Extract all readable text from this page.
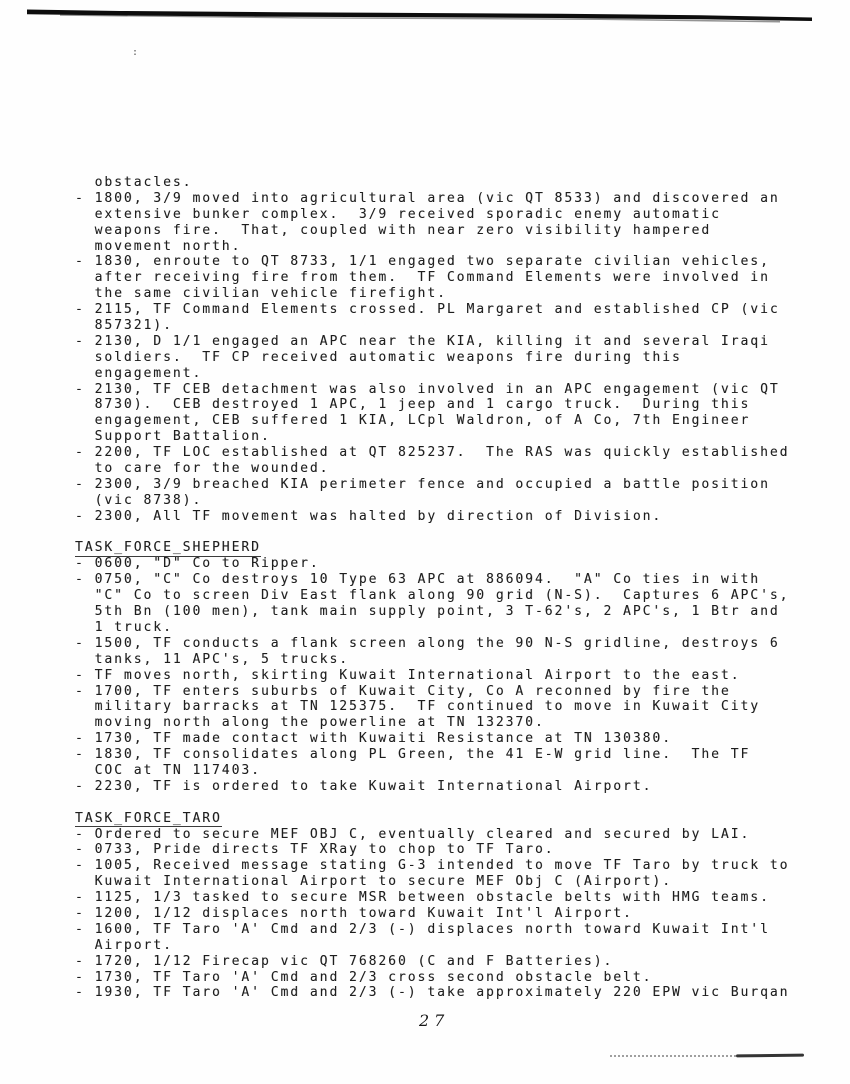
:
obstacles.
- 1800, 3/9 moved into agricultural area (vic QT 8533) and discovered an
extensive bunker complex.  3/9 received sporadic enemy automatic
weapons fire.  That, coupled with near zero visibility hampered
movement north.
- 1830, enroute to QT 8733, 1/1 engaged two separate civilian vehicles,
after receiving fire from them.  TF Command Elements were involved in
the same civilian vehicle firefight.
- 2115, TF Command Elements crossed. PL Margaret and established CP (vic
857321).
- 2130, D 1/1 engaged an APC near the KIA, killing it and several Iraqi
soldiers.  TF CP received automatic weapons fire during this
engagement.
- 2130, TF CEB detachment was also involved in an APC engagement (vic QT
8730).  CEB destroyed 1 APC, 1 jeep and 1 cargo truck.  During this
engagement, CEB suffered 1 KIA, LCpl Waldron, of A Co, 7th Engineer
Support Battalion.
- 2200, TF LOC established at QT 825237.  The RAS was quickly established
to care for the wounded.
- 2300, 3/9 breached KIA perimeter fence and occupied a battle position
(vic 8738).
- 2300, All TF movement was halted by direction of Division.

TASK_FORCE_SHEPHERD
- 0600, "D" Co to Ripper.
- 0750, "C" Co destroys 10 Type 63 APC at 886094.  "A" Co ties in with
"C" Co to screen Div East flank along 90 grid (N-S).  Captures 6 APC's,
5th Bn (100 men), tank main supply point, 3 T-62's, 2 APC's, 1 Btr and
1 truck.
- 1500, TF conducts a flank screen along the 90 N-S gridline, destroys 6
tanks, 11 APC's, 5 trucks.
- TF moves north, skirting Kuwait International Airport to the east.
- 1700, TF enters suburbs of Kuwait City, Co A reconned by fire the
military barracks at TN 125375.  TF continued to move in Kuwait City
moving north along the powerline at TN 132370.
- 1730, TF made contact with Kuwaiti Resistance at TN 130380.
- 1830, TF consolidates along PL Green, the 41 E-W grid line.  The TF
COC at TN 117403.
- 2230, TF is ordered to take Kuwait International Airport.

TASK_FORCE_TARO
- Ordered to secure MEF OBJ C, eventually cleared and secured by LAI.
- 0733, Pride directs TF XRay to chop to TF Taro.
- 1005, Received message stating G-3 intended to move TF Taro by truck to
Kuwait International Airport to secure MEF Obj C (Airport).
- 1125, 1/3 tasked to secure MSR between obstacle belts with HMG teams.
- 1200, 1/12 displaces north toward Kuwait Int'l Airport.
- 1600, TF Taro 'A' Cmd and 2/3 (-) displaces north toward Kuwait Int'l
Airport.
- 1720, 1/12 Firecap vic QT 768260 (C and F Batteries).
- 1730, TF Taro 'A' Cmd and 2/3 cross second obstacle belt.
- 1930, TF Taro 'A' Cmd and 2/3 (-) take approximately 220 EPW vic Burqan
27
